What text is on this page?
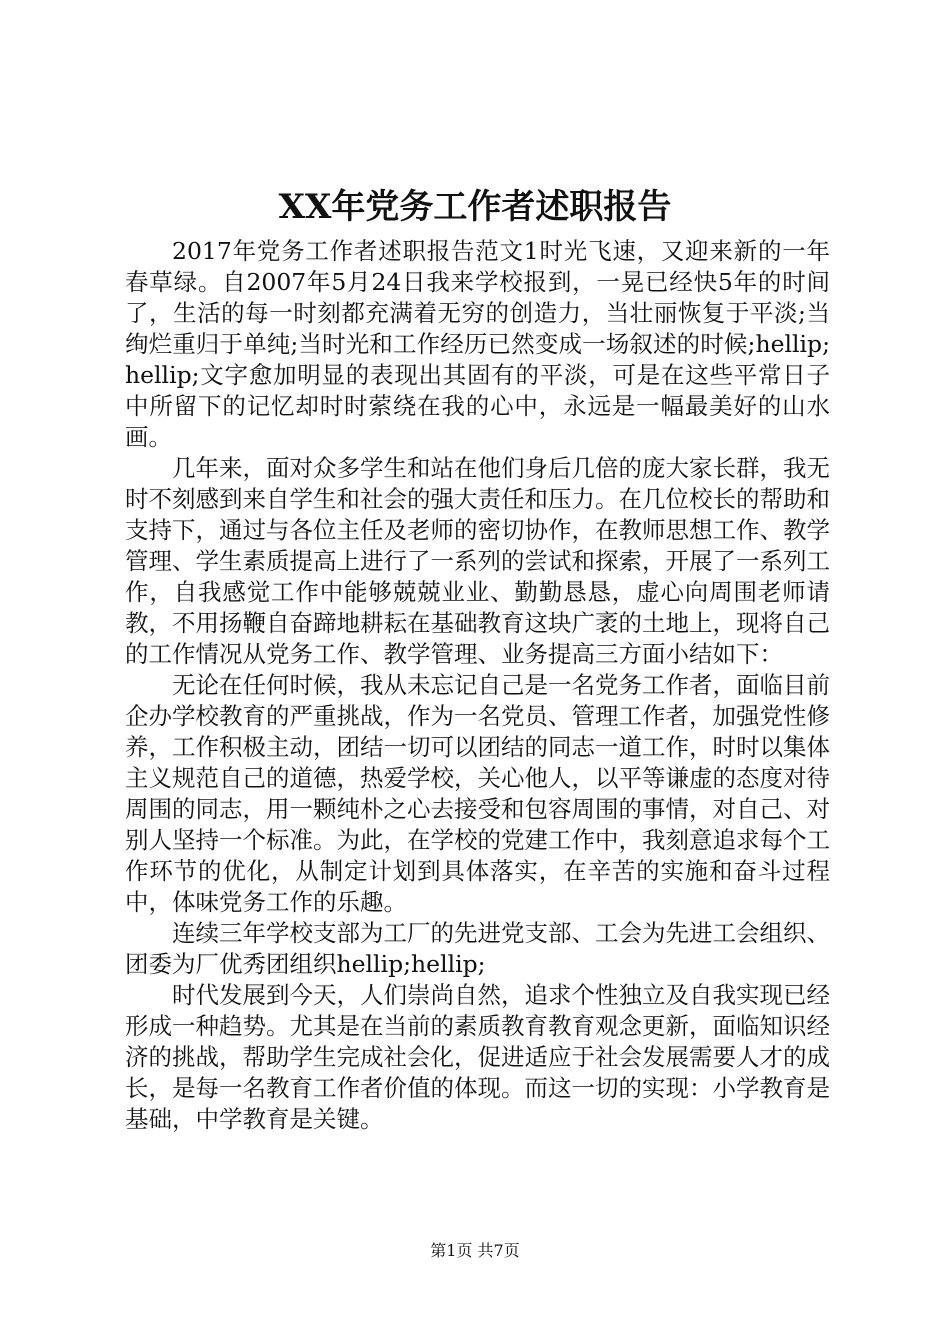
XX年党务工作者述职报告

2017年党务工作者述职报告范文1时光飞速，又迎来新的一年春草绿。自2007年5月24日我来学校报到，一晃已经快5年的时间了，生活的每一时刻都充满着无穷的创造力，当壮丽恢复于平淡;当绚烂重归于单纯;当时光和工作经历已然变成一场叙述的时候;hellip;hellip;文字愈加明显的表现出其固有的平淡，可是在这些平常日子中所留下的记忆却时时萦绕在我的心中，永远是一幅最美好的山水画。

几年来，面对众多学生和站在他们身后几倍的庞大家长群，我无时不刻感到来自学生和社会的强大责任和压力。在几位校长的帮助和支持下，通过与各位主任及老师的密切协作，在教师思想工作、教学管理、学生素质提高上进行了一系列的尝试和探索，开展了一系列工作，自我感觉工作中能够兢兢业业、勤勤恳恳，虚心向周围老师请教，不用扬鞭自奋蹄地耕耘在基础教育这块广袤的土地上，现将自己的工作情况从党务工作、教学管理、业务提高三方面小结如下：

无论在任何时候，我从未忘记自己是一名党务工作者，面临目前企办学校教育的严重挑战，作为一名党员、管理工作者，加强党性修养，工作积极主动，团结一切可以团结的同志一道工作，时时以集体主义规范自己的道德，热爱学校，关心他人，以平等谦虚的态度对待周围的同志，用一颗纯朴之心去接受和包容周围的事情，对自己、对别人坚持一个标准。为此，在学校的党建工作中，我刻意追求每个工作环节的优化，从制定计划到具体落实，在辛苦的实施和奋斗过程中，体味党务工作的乐趣。

连续三年学校支部为工厂的先进党支部、工会为先进工会组织、团委为厂优秀团组织hellip;hellip;

时代发展到今天，人们崇尚自然，追求个性独立及自我实现已经形成一种趋势。尤其是在当前的素质教育教育观念更新，面临知识经济的挑战，帮助学生完成社会化，促进适应于社会发展需要人才的成长，是每一名教育工作者价值的体现。而这一切的实现：小学教育是基础，中学教育是关键。

第1页 共7页
